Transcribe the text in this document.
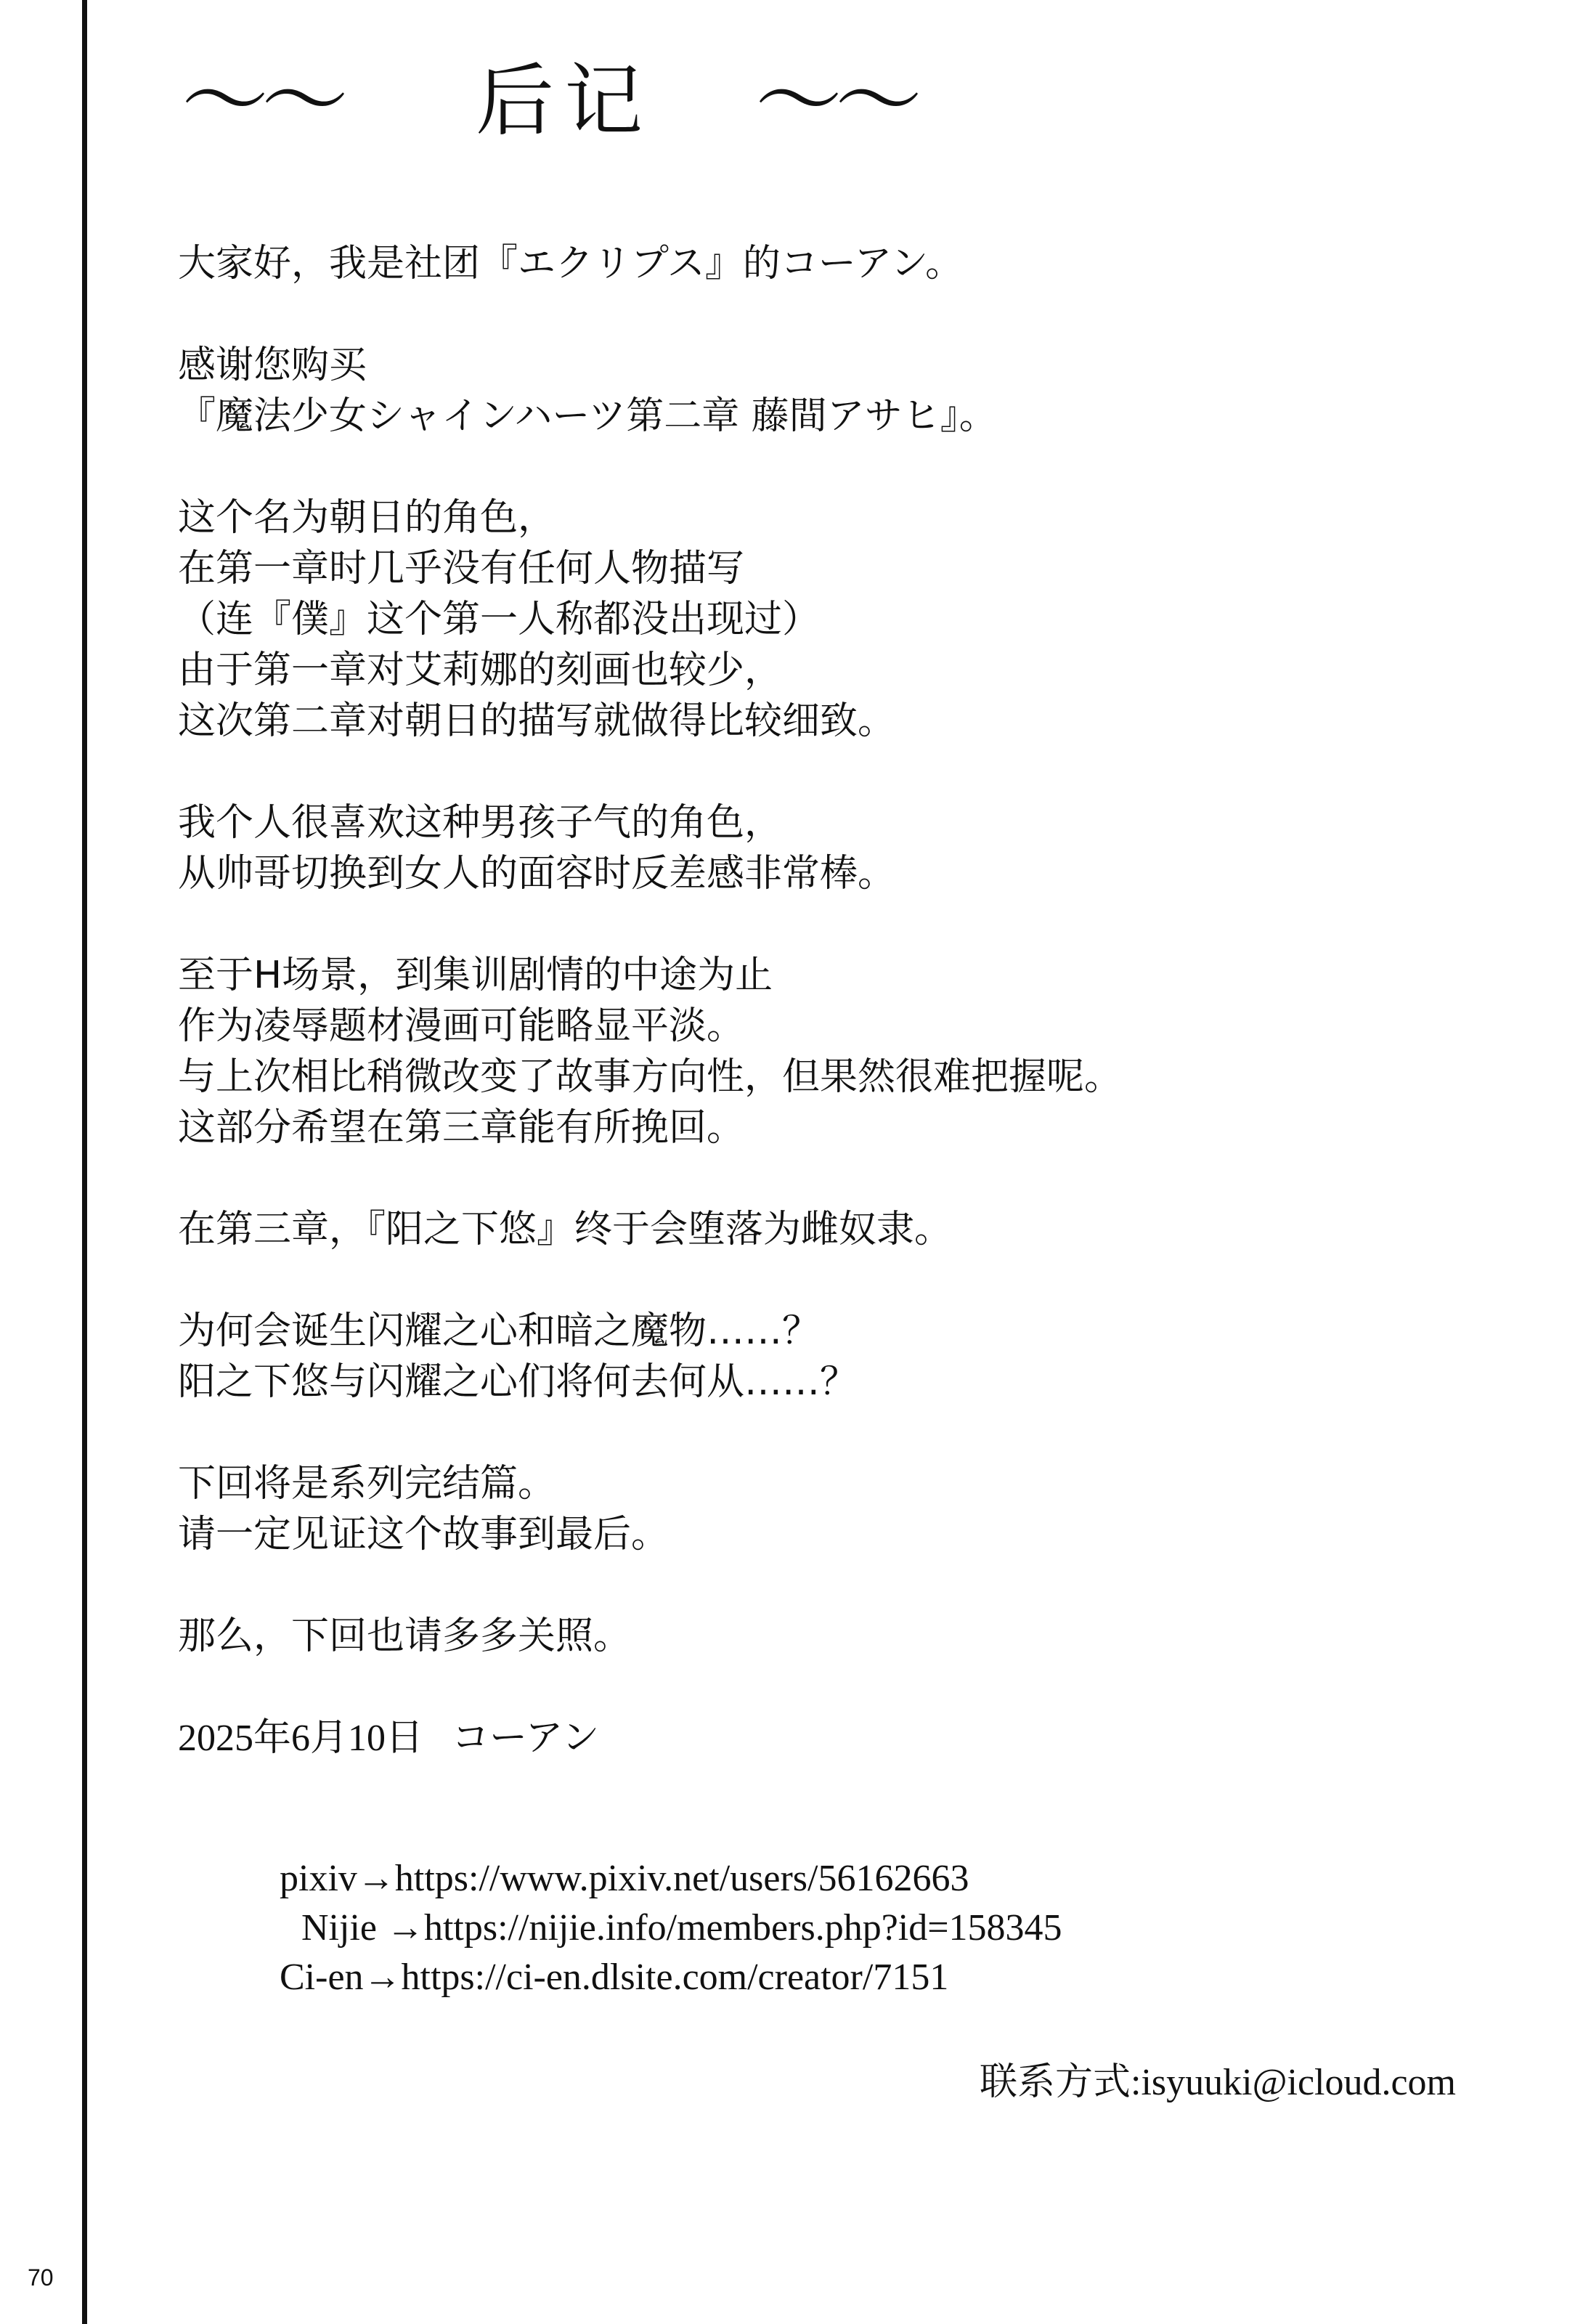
70
〜〜 后记 〜〜
大家好，我是社团『エクリプス』的コーアン。
感谢您购买
『魔法少女シャインハーツ第二章 藤間アサヒ』。
这个名为朝日的角色，
在第一章时几乎没有任何人物描写
（连『僕』这个第一人称都没出现过）
由于第一章对艾莉娜的刻画也较少，
这次第二章对朝日的描写就做得比较细致。
我个人很喜欢这种男孩子气的角色，
从帅哥切换到女人的面容时反差感非常棒。
至于H场景，到集训剧情的中途为止
作为凌辱题材漫画可能略显平淡。
与上次相比稍微改变了故事方向性，但果然很难把握呢。
这部分希望在第三章能有所挽回。
在第三章，『阳之下悠』终于会堕落为雌奴隶。
为何会诞生闪耀之心和暗之魔物……？
阳之下悠与闪耀之心们将何去何从……？
下回将是系列完结篇。
请一定见证这个故事到最后。
那么，下回也请多多关照。
2025年6月10日 コーアン
pixiv→https://www.pixiv.net/users/56162663
Nijie →https://nijie.info/members.php?id=158345
Ci-en→https://ci-en.dlsite.com/creator/7151
联系方式:isyuuki@icloud.com
